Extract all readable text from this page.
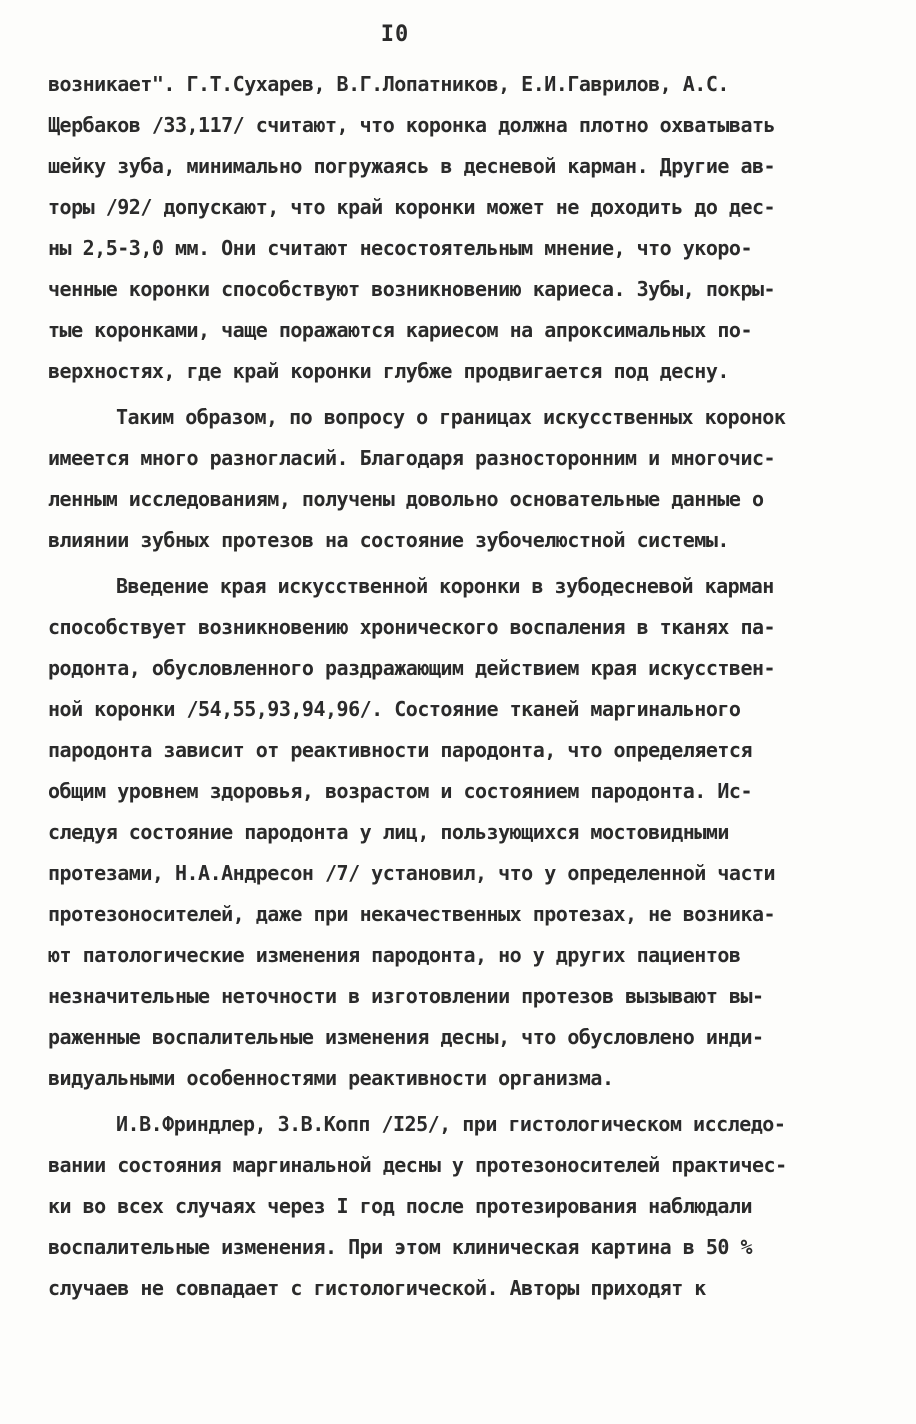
I0
возникает". Г.Т.Сухарев, В.Г.Лопатников, Е.И.Гаврилов, А.С.
Щербаков /33,117/ считают, что коронка должна плотно охватывать
шейку зуба, минимально погружаясь в десневой карман. Другие ав-
торы /92/ допускают, что край коронки может не доходить до дес-
ны 2,5-3,0 мм. Они считают несостоятельным мнение, что укоро-
ченные коронки способствуют возникновению кариеса. Зубы, покры-
тые коронками, чаще поражаются кариесом на апроксимальных по-
верхностях, где край коронки глубже продвигается под десну.
Таким образом, по вопросу о границах искусственных коронок
имеется много разногласий. Благодаря разносторонним и многочис-
ленным исследованиям, получены довольно основательные данные о
влиянии зубных протезов на состояние зубочелюстной системы.
Введение края искусственной коронки в зубодесневой карман
способствует возникновению хронического воспаления в тканях па-
родонта, обусловленного раздражающим действием края искусствен-
ной коронки /54,55,93,94,96/. Состояние тканей маргинального
пародонта зависит от реактивности пародонта, что определяется
общим уровнем здоровья, возрастом и состоянием пародонта. Ис-
следуя состояние пародонта у лиц, пользующихся мостовидными
протезами, Н.А.Андресон /7/ установил, что у определенной части
протезоносителей, даже при некачественных протезах, не возника-
ют патологические изменения пародонта, но у других пациентов
незначительные неточности в изготовлении протезов вызывают вы-
раженные воспалительные изменения десны, что обусловлено инди-
видуальными особенностями реактивности организма.
И.В.Фриндлер, З.В.Копп /I25/, при гистологическом исследо-
вании состояния маргинальной десны у протезоносителей практичес-
ки во всех случаях через I год после протезирования наблюдали
воспалительные изменения. При этом клиническая картина в 50 %
случаев не совпадает с гистологической. Авторы приходят к
